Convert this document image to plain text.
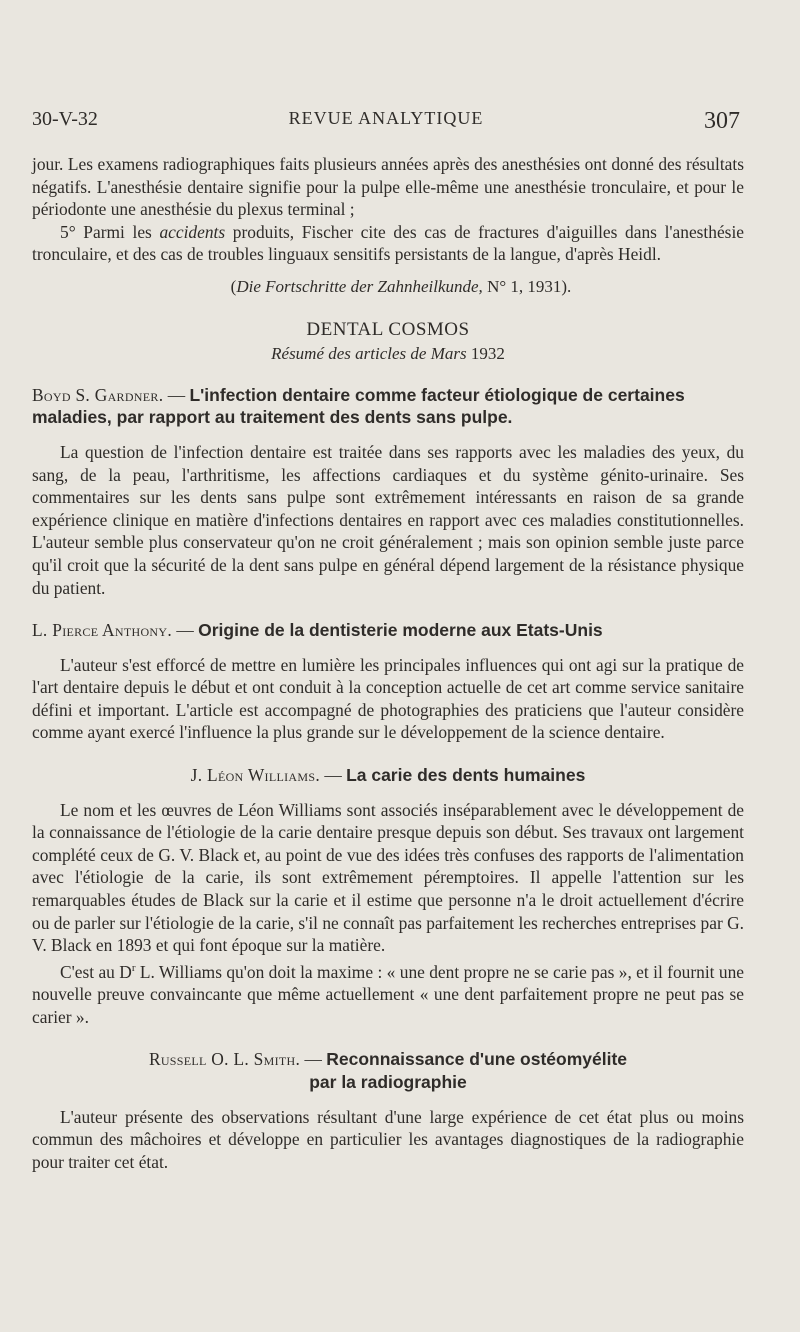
30-V-32	REVUE ANALYTIQUE	307

jour. Les examens radiographiques faits plusieurs années après des anesthésies ont donné des résultats négatifs. L'anesthésie dentaire signifie pour la pulpe elle-même une anesthésie tronculaire, et pour le périodonte une anesthésie du plexus terminal ;

5° Parmi les accidents produits, Fischer cite des cas de fractures d'aiguilles dans l'anesthésie tronculaire, et des cas de troubles linguaux sensitifs persistants de la langue, d'après Heidl.

(Die Fortschritte der Zahnheilkunde, N° 1, 1931).

DENTAL COSMOS
Résumé des articles de Mars 1932

Boyd S. Gardner. — L'infection dentaire comme facteur étiologique de certaines maladies, par rapport au traitement des dents sans pulpe.

La question de l'infection dentaire est traitée dans ses rapports avec les maladies des yeux, du sang, de la peau, l'arthritisme, les affections cardiaques et du système génito-urinaire. Ses commentaires sur les dents sans pulpe sont extrêmement intéressants en raison de sa grande expérience clinique en matière d'infections dentaires en rapport avec ces maladies constitutionnelles. L'auteur semble plus conservateur qu'on ne croit généralement ; mais son opinion semble juste parce qu'il croit que la sécurité de la dent sans pulpe en général dépend largement de la résistance physique du patient.

L. Pierce Anthony. — Origine de la dentisterie moderne aux Etats-Unis

L'auteur s'est efforcé de mettre en lumière les principales influences qui ont agi sur la pratique de l'art dentaire depuis le début et ont conduit à la conception actuelle de cet art comme service sanitaire défini et important. L'article est accompagné de photographies des praticiens que l'auteur considère comme ayant exercé l'influence la plus grande sur le développement de la science dentaire.

J. Léon Williams. — La carie des dents humaines

Le nom et les œuvres de Léon Williams sont associés inséparablement avec le développement de la connaissance de l'étiologie de la carie dentaire presque depuis son début. Ses travaux ont largement complété ceux de G. V. Black et, au point de vue des idées très confuses des rapports de l'alimentation avec l'étiologie de la carie, ils sont extrêmement péremptoires. Il appelle l'attention sur les remarquables études de Black sur la carie et il estime que personne n'a le droit actuellement d'écrire ou de parler sur l'étiologie de la carie, s'il ne connaît pas parfaitement les recherches entreprises par G. V. Black en 1893 et qui font époque sur la matière.

C'est au $D^r$ L. Williams qu'on doit la maxime : « une dent propre ne se carie pas », et il fournit une nouvelle preuve convaincante que même actuellement « une dent parfaitement propre ne peut pas se carier ».

Russell O. L. Smith. — Reconnaissance d'une ostéomyélite

par la radiographie

L'auteur présente des observations résultant d'une large expérience de cet état plus ou moins commun des mâchoires et développe en particulier les avantages diagnostiques de la radiographie pour traiter cet état.
